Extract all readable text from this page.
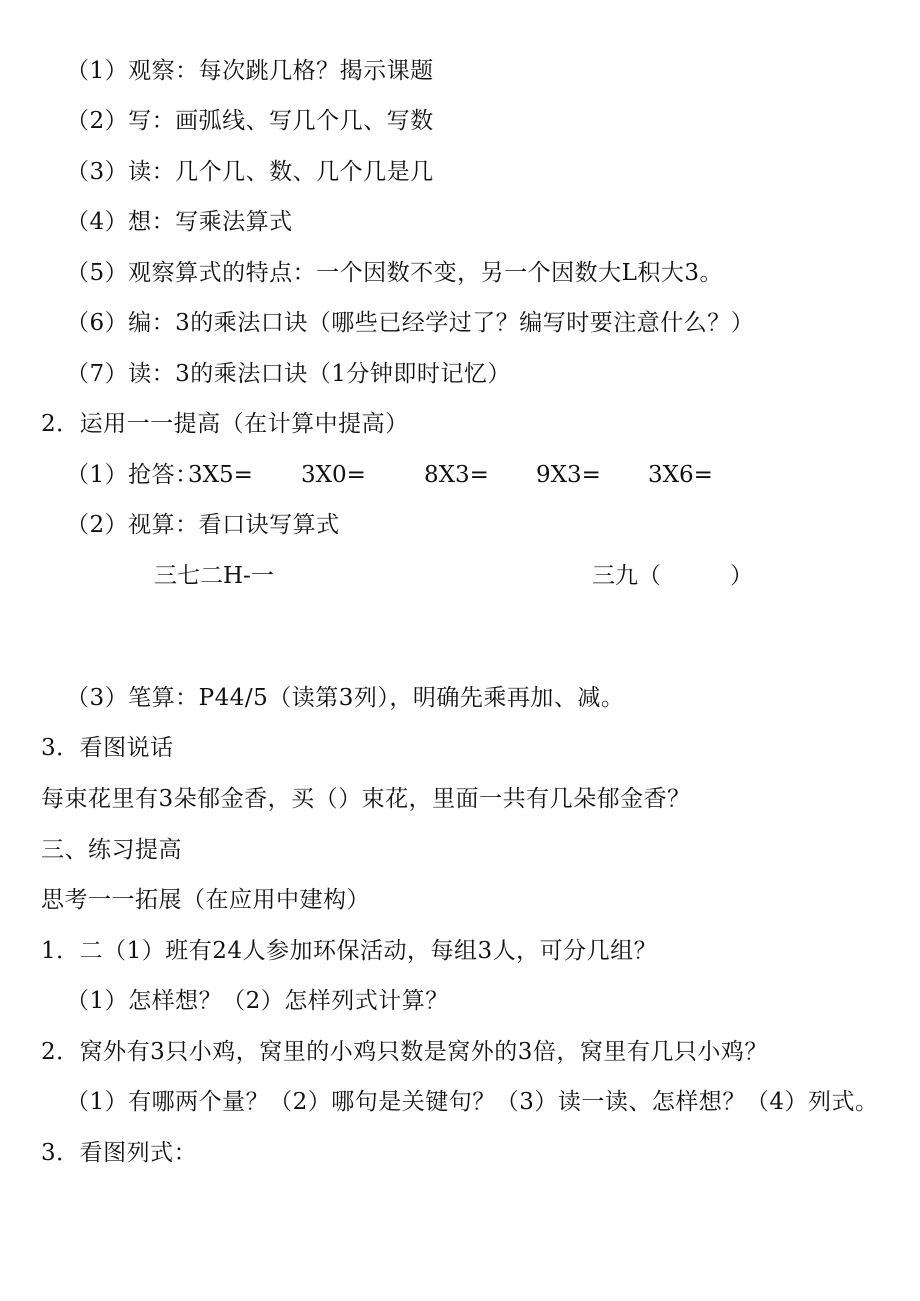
（1）观察：每次跳几格？揭示课题
（2）写：画弧线、写几个几、写数
（3）读：几个几、数、几个几是几
（4）想：写乘法算式
（5）观察算式的特点：一个因数不变，另一个因数大L积大3。
（6）编：3的乘法口诀（哪些已经学过了？编写时要注意什么？）
（7）读：3的乘法口诀（1分钟即时记忆）
2．运用一一提高（在计算中提高）
（1）抢答：
3X5= 3X0=	8X3= 9X3= 3X6=
（2）视算：看口诀写算式
三七二H-一	三九（　　　）
（3）笔算：P44/5（读第3列），明确先乘再加、减。
3．看图说话
每束花里有3朵郁金香，买（）束花，里面一共有几朵郁金香？
三、练习提高
思考一一拓展（在应用中建构）
1．二（1）班有24人参加环保活动，每组3人，可分几组？
（1）怎样想？（2）怎样列式计算？
2．窝外有3只小鸡，窝里的小鸡只数是窝外的3倍，窝里有几只小鸡？
（1）有哪两个量？（2）哪句是关键句？（3）读一读、怎样想？（4）列式。
3．看图列式：
